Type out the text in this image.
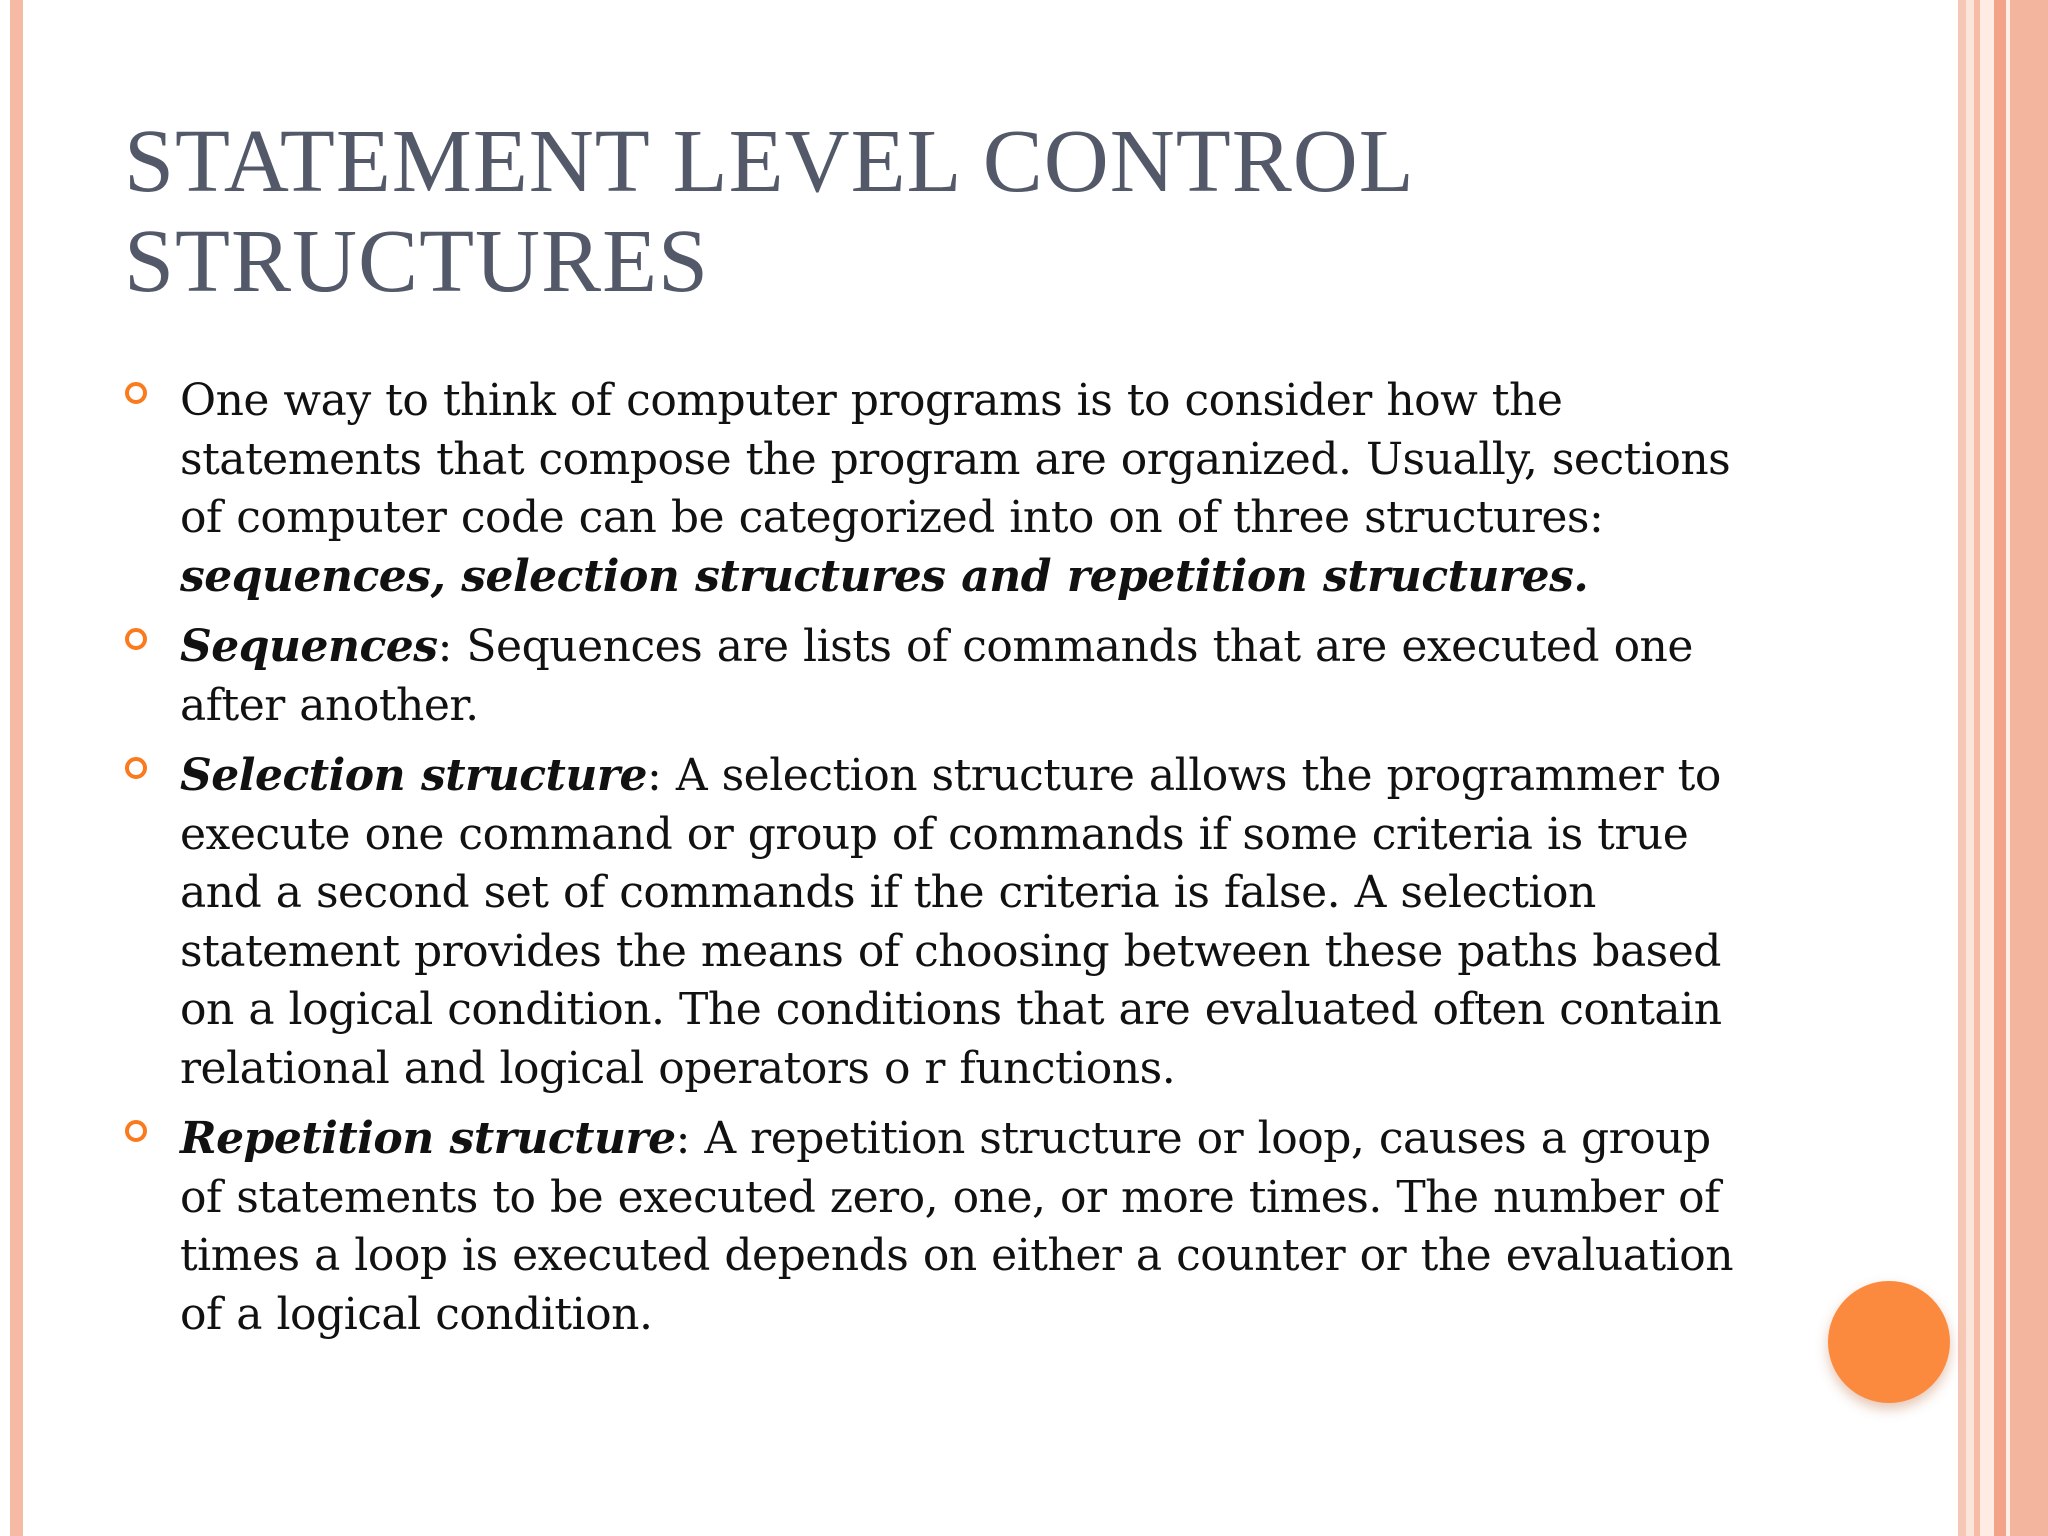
STATEMENT LEVEL CONTROL STRUCTURES
One way to think of computer programs is to consider how the statements that compose the program are organized. Usually, sections of computer code can be categorized into on of three structures: sequences, selection structures and repetition structures.
Sequences: Sequences are lists of commands that are executed one after another.
Selection structure: A selection structure allows the programmer to execute one command or group of commands if some criteria is true and a second set of commands if the criteria is false. A selection statement provides the means of choosing between these paths based on a logical condition. The conditions that are evaluated often contain relational and logical operators o r functions.
Repetition structure: A repetition structure or loop, causes a group of statements to be executed zero, one, or more times. The number of times a loop is executed depends on either a counter or the evaluation of a logical condition.
